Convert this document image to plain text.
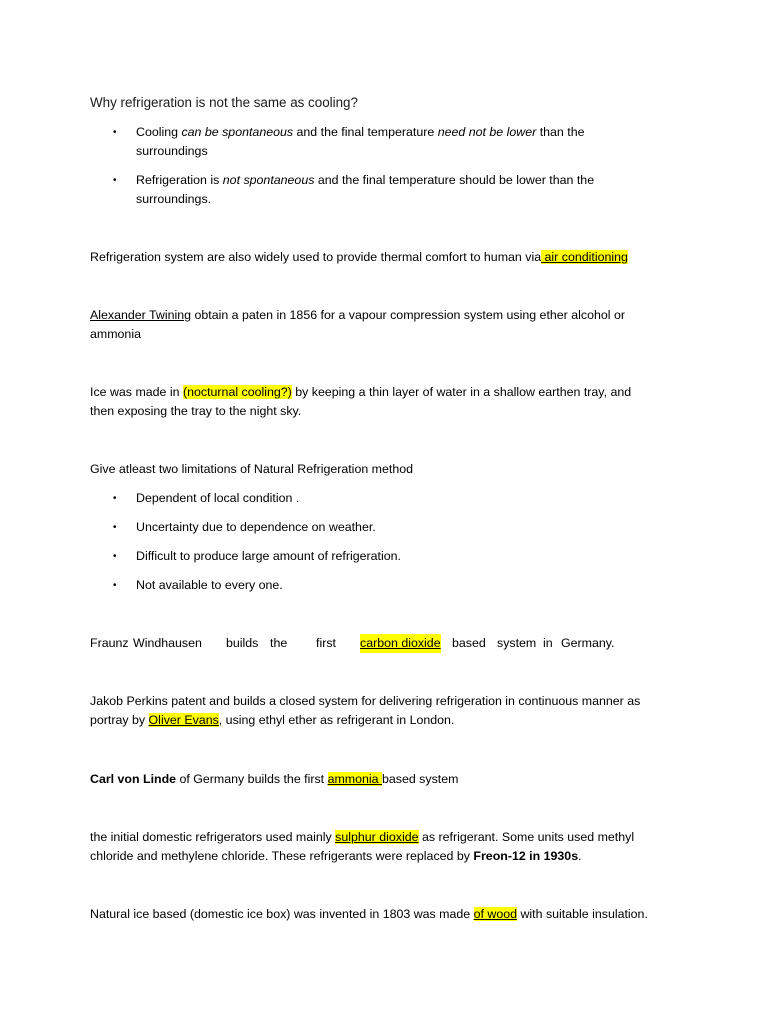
Why refrigeration is not the same as cooling?
•	Cooling can be spontaneous and the final temperature need not be lower than the
surroundings
•	Refrigeration is not spontaneous and the final temperature should be lower than the
surroundings.
Refrigeration system are also widely used to provide thermal comfort to human via air conditioning
Alexander Twining obtain a paten in 1856 for a vapour compression system using ether alcohol or
ammonia
Ice was made in (nocturnal cooling?) by keeping a thin layer of water in a shallow earthen tray, and
then exposing the tray to the night sky.
Give atleast two limitations of Natural Refrigeration method
•	Dependent of local condition .
•	Uncertainty due to dependence on weather.
•	Difficult to produce large amount of refrigeration.
•	Not available to every one.
Fraunz Windhausen builds the first carbon dioxide based system in Germany.
Jakob Perkins patent and builds a closed system for delivering refrigeration in continuous manner as
portray by Oliver Evans, using ethyl ether as refrigerant in London.
Carl von Linde of Germany builds the first ammonia based system
the initial domestic refrigerators used mainly sulphur dioxide as refrigerant. Some units used methyl
chloride and methylene chloride. These refrigerants were replaced by Freon-12 in 1930s.
Natural ice based (domestic ice box) was invented in 1803 was made of wood with suitable insulation.
